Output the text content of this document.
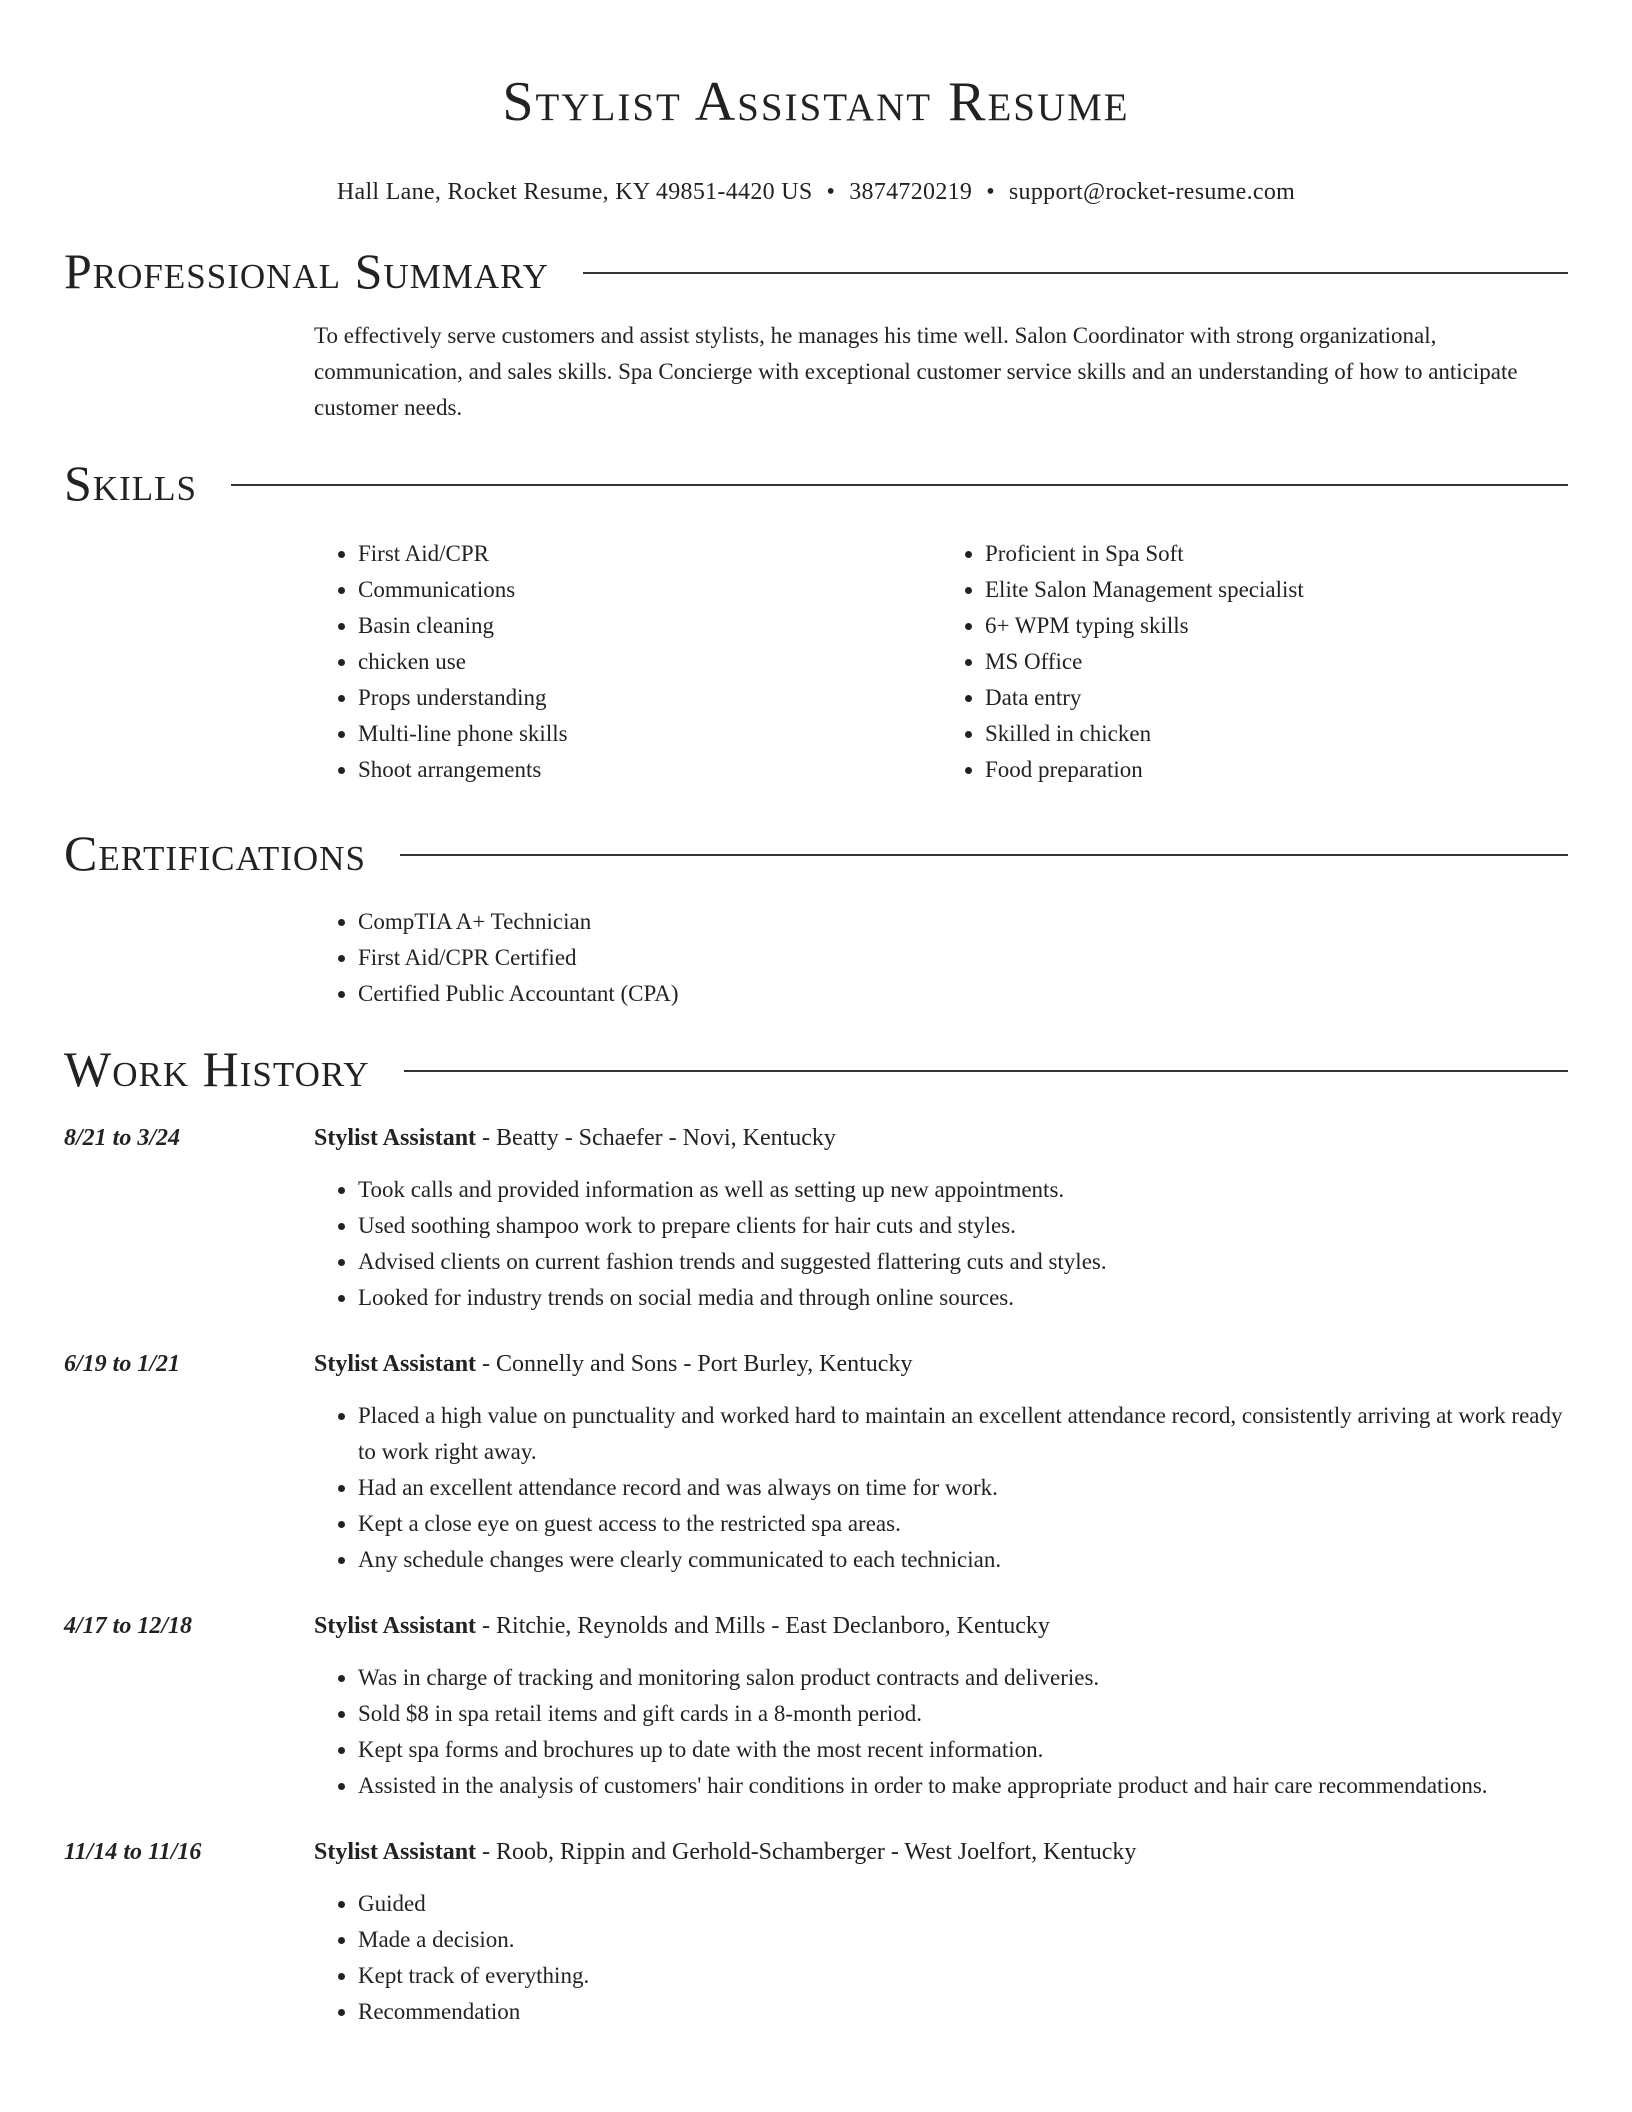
Stylist Assistant Resume
Hall Lane, Rocket Resume, KY 49851-4420 US • 3874720219 • support@rocket-resume.com
Professional Summary

To effectively serve customers and assist stylists, he manages his time well. Salon Coordinator with strong organizational, communication, and sales skills. Spa Concierge with exceptional customer service skills and an understanding of how to anticipate customer needs.

Skills
• First Aid/CPR
• Communications
• Basin cleaning
• chicken use
• Props understanding
• Multi-line phone skills
• Shoot arrangements
• Proficient in Spa Soft
• Elite Salon Management specialist
• 6+ WPM typing skills
• MS Office
• Data entry
• Skilled in chicken
• Food preparation
Certifications
• CompTIA A+ Technician
• First Aid/CPR Certified
• Certified Public Accountant (CPA)
Work History
8/21 to 3/24	Stylist Assistant - Beatty - Schaefer - Novi, Kentucky
• Took calls and provided information as well as setting up new appointments.
• Used soothing shampoo work to prepare clients for hair cuts and styles.
• Advised clients on current fashion trends and suggested flattering cuts and styles.
• Looked for industry trends on social media and through online sources.
6/19 to 1/21	Stylist Assistant - Connelly and Sons - Port Burley, Kentucky
• Placed a high value on punctuality and worked hard to maintain an excellent attendance record, consistently arriving at work ready to work right away.
• Had an excellent attendance record and was always on time for work.
• Kept a close eye on guest access to the restricted spa areas.
• Any schedule changes were clearly communicated to each technician.
4/17 to 12/18	Stylist Assistant - Ritchie, Reynolds and Mills - East Declanboro, Kentucky
• Was in charge of tracking and monitoring salon product contracts and deliveries.
• Sold $8 in spa retail items and gift cards in a 8-month period.
• Kept spa forms and brochures up to date with the most recent information.
• Assisted in the analysis of customers' hair conditions in order to make appropriate product and hair care recommendations.
11/14 to 11/16	Stylist Assistant - Roob, Rippin and Gerhold-Schamberger - West Joelfort, Kentucky
• Guided
• Made a decision.
• Kept track of everything.
• Recommendation
